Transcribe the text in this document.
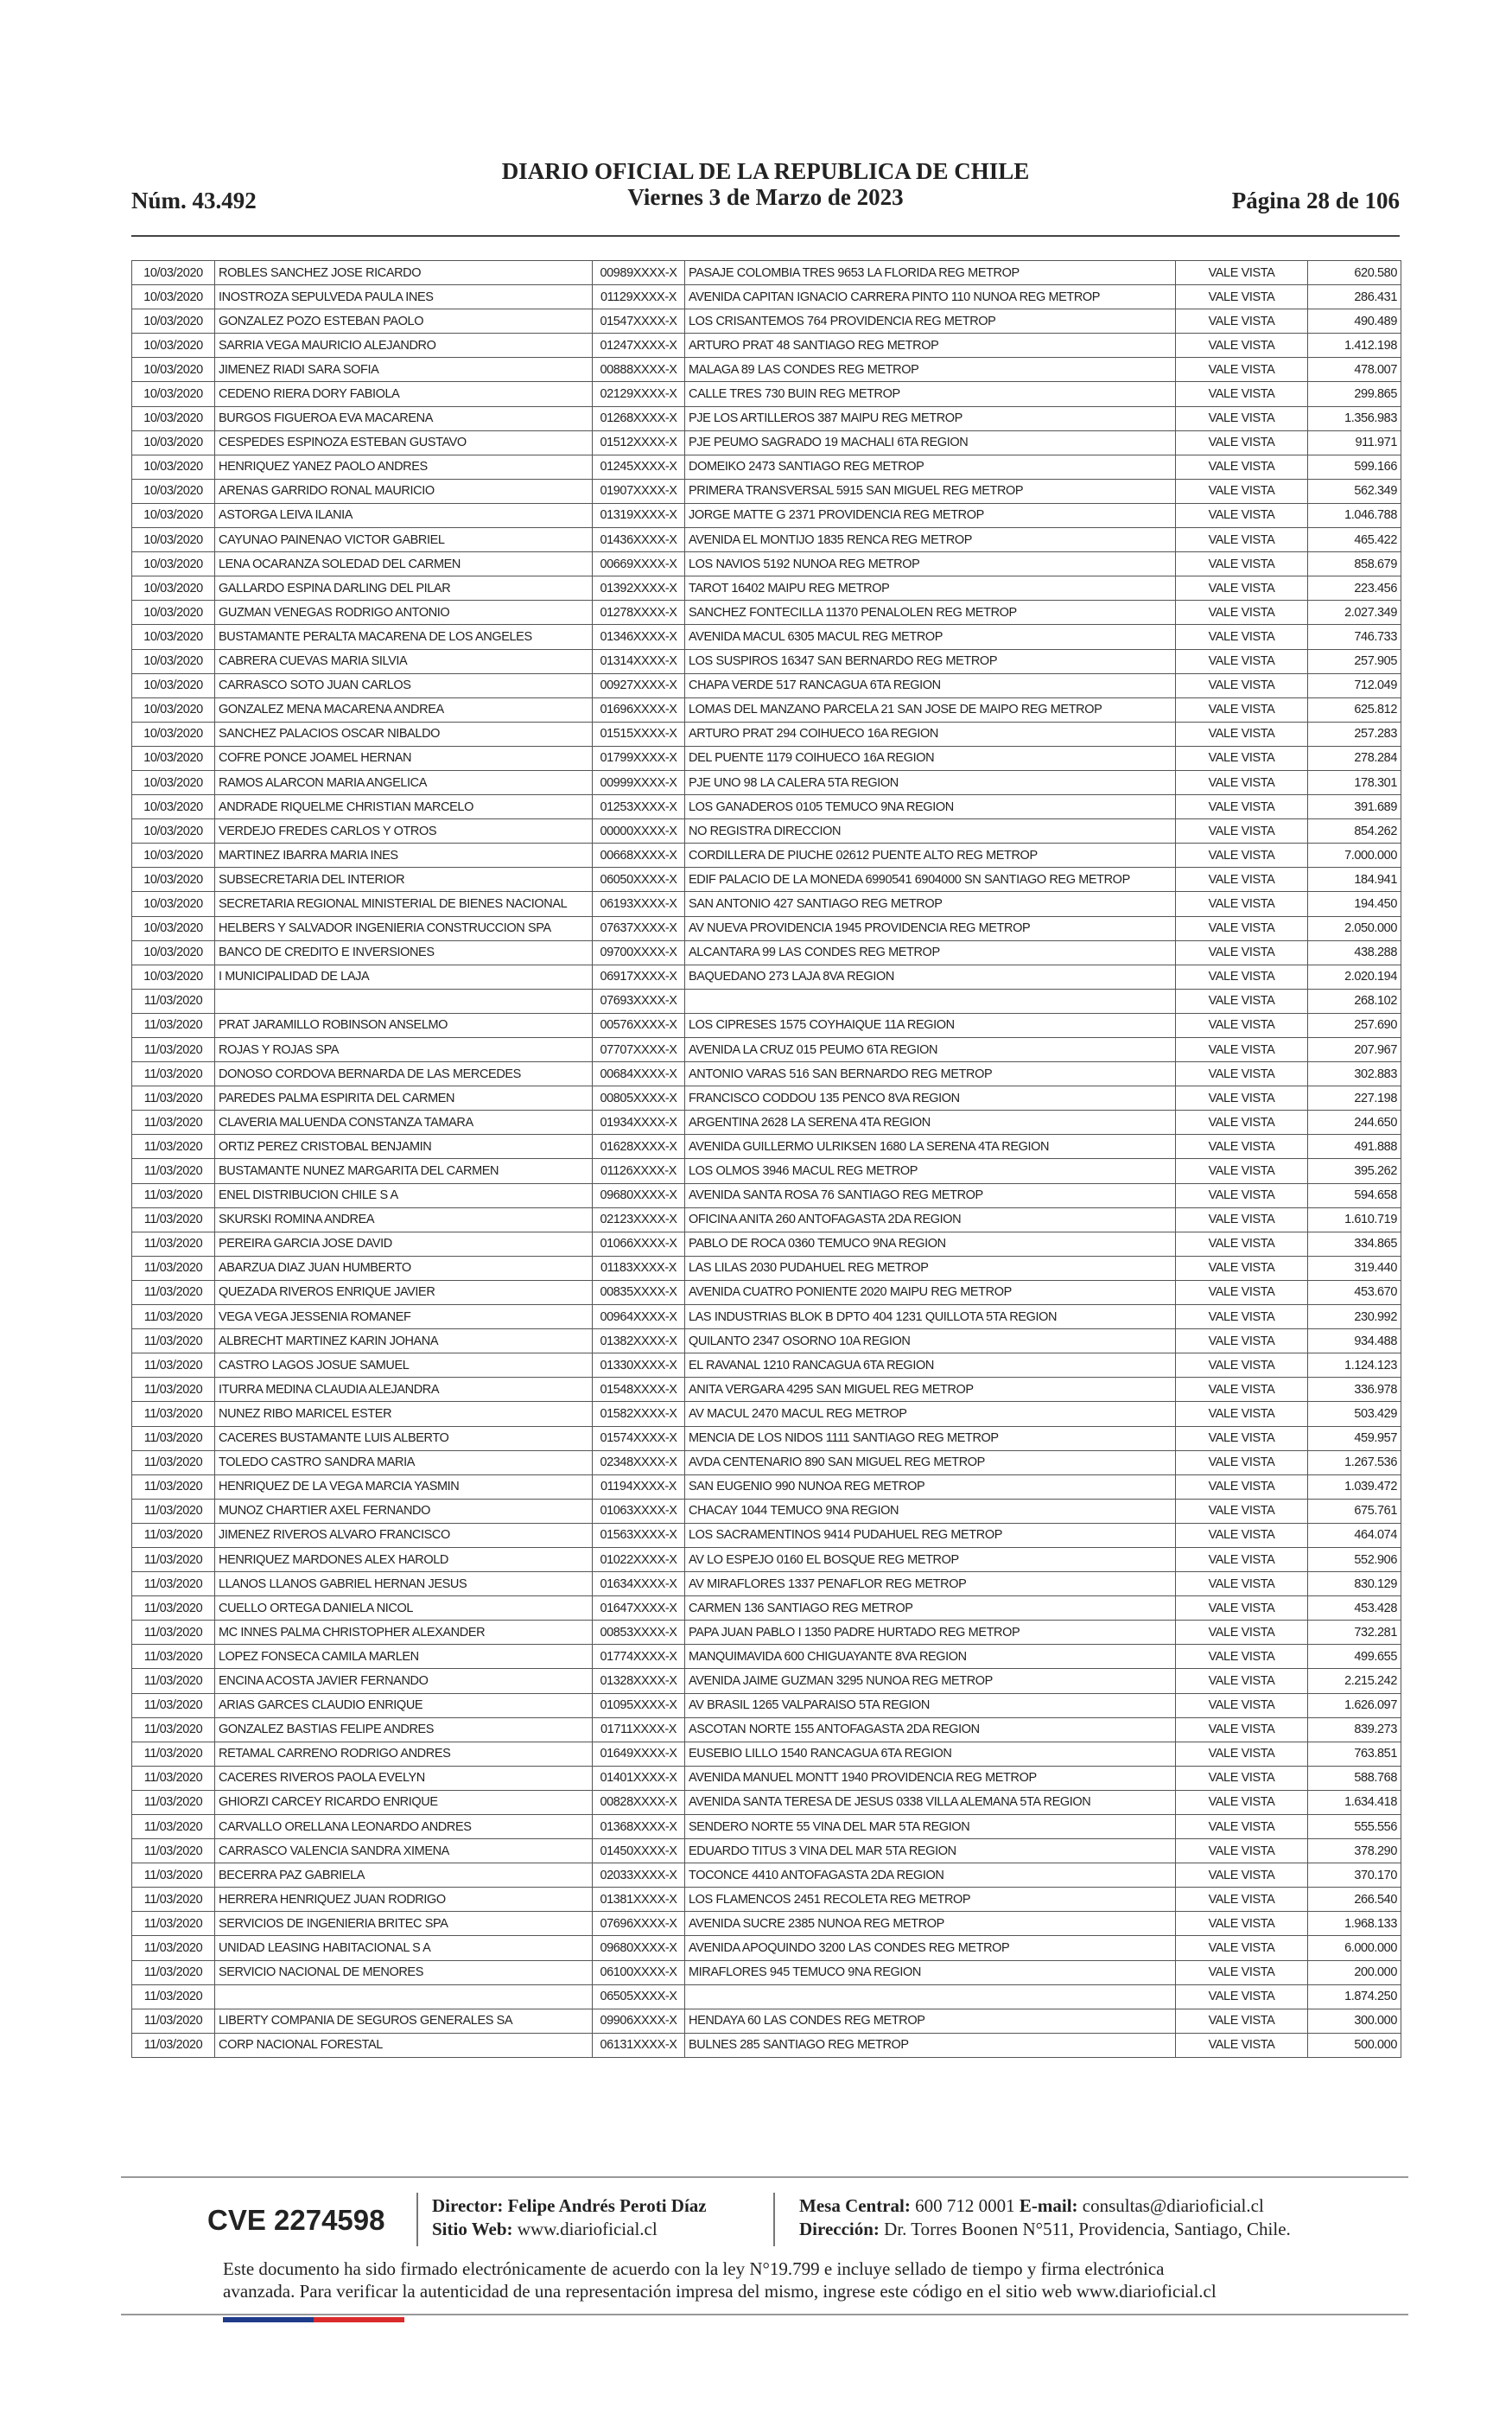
Núm. 43.492
DIARIO OFICIAL DE LA REPUBLICA DE CHILE
Viernes 3 de Marzo de 2023	Página 28 de 106
10/03/2020	ROBLES SANCHEZ JOSE RICARDO	00989XXXX-X	PASAJE COLOMBIA TRES 9653 LA FLORIDA REG METROP	VALE VISTA	620.580
10/03/2020	INOSTROZA SEPULVEDA PAULA INES	01129XXXX-X	AVENIDA CAPITAN IGNACIO CARRERA PINTO 110 NUNOA REG METROP	VALE VISTA	286.431
10/03/2020	GONZALEZ POZO ESTEBAN PAOLO	01547XXXX-X	LOS CRISANTEMOS 764 PROVIDENCIA REG METROP	VALE VISTA	490.489
10/03/2020	SARRIA VEGA MAURICIO ALEJANDRO	01247XXXX-X	ARTURO PRAT 48 SANTIAGO REG METROP	VALE VISTA	1.412.198
10/03/2020	JIMENEZ RIADI SARA SOFIA	00888XXXX-X	MALAGA 89 LAS CONDES REG METROP	VALE VISTA	478.007
10/03/2020	CEDENO RIERA DORY FABIOLA	02129XXXX-X	CALLE TRES 730 BUIN REG METROP	VALE VISTA	299.865
10/03/2020	BURGOS FIGUEROA EVA MACARENA	01268XXXX-X	PJE LOS ARTILLEROS 387 MAIPU REG METROP	VALE VISTA	1.356.983
10/03/2020	CESPEDES ESPINOZA ESTEBAN GUSTAVO	01512XXXX-X	PJE PEUMO SAGRADO 19 MACHALI 6TA REGION	VALE VISTA	911.971
10/03/2020	HENRIQUEZ YANEZ PAOLO ANDRES	01245XXXX-X	DOMEIKO 2473 SANTIAGO REG METROP	VALE VISTA	599.166
10/03/2020	ARENAS GARRIDO RONAL MAURICIO	01907XXXX-X	PRIMERA TRANSVERSAL 5915 SAN MIGUEL REG METROP	VALE VISTA	562.349
10/03/2020	ASTORGA LEIVA ILANIA	01319XXXX-X	JORGE MATTE G 2371 PROVIDENCIA REG METROP	VALE VISTA	1.046.788
10/03/2020	CAYUNAO PAINENAO VICTOR GABRIEL	01436XXXX-X	AVENIDA EL MONTIJO 1835 RENCA REG METROP	VALE VISTA	465.422
10/03/2020	LENA OCARANZA SOLEDAD DEL CARMEN	00669XXXX-X	LOS NAVIOS 5192 NUNOA REG METROP	VALE VISTA	858.679
10/03/2020	GALLARDO ESPINA DARLING DEL PILAR	01392XXXX-X	TAROT 16402 MAIPU REG METROP	VALE VISTA	223.456
10/03/2020	GUZMAN VENEGAS RODRIGO ANTONIO	01278XXXX-X	SANCHEZ FONTECILLA 11370 PENALOLEN REG METROP	VALE VISTA	2.027.349
10/03/2020	BUSTAMANTE PERALTA MACARENA DE LOS ANGELES	01346XXXX-X	AVENIDA MACUL 6305 MACUL REG METROP	VALE VISTA	746.733
10/03/2020	CABRERA CUEVAS MARIA SILVIA	01314XXXX-X	LOS SUSPIROS 16347 SAN BERNARDO REG METROP	VALE VISTA	257.905
10/03/2020	CARRASCO SOTO JUAN CARLOS	00927XXXX-X	CHAPA VERDE 517 RANCAGUA 6TA REGION	VALE VISTA	712.049
10/03/2020	GONZALEZ MENA MACARENA ANDREA	01696XXXX-X	LOMAS DEL MANZANO PARCELA 21 SAN JOSE DE MAIPO REG METROP	VALE VISTA	625.812
10/03/2020	SANCHEZ PALACIOS OSCAR NIBALDO	01515XXXX-X	ARTURO PRAT 294 COIHUECO 16A REGION	VALE VISTA	257.283
10/03/2020	COFRE PONCE JOAMEL HERNAN	01799XXXX-X	DEL PUENTE 1179 COIHUECO 16A REGION	VALE VISTA	278.284
10/03/2020	RAMOS ALARCON MARIA ANGELICA	00999XXXX-X	PJE UNO 98 LA CALERA 5TA REGION	VALE VISTA	178.301
10/03/2020	ANDRADE RIQUELME CHRISTIAN MARCELO	01253XXXX-X	LOS GANADEROS 0105 TEMUCO 9NA REGION	VALE VISTA	391.689
10/03/2020	VERDEJO FREDES CARLOS Y OTROS	00000XXXX-X	NO REGISTRA DIRECCION	VALE VISTA	854.262
10/03/2020	MARTINEZ IBARRA MARIA INES	00668XXXX-X	CORDILLERA DE PIUCHE 02612 PUENTE ALTO REG METROP	VALE VISTA	7.000.000
10/03/2020	SUBSECRETARIA DEL INTERIOR	06050XXXX-X	EDIF PALACIO DE LA MONEDA 6990541 6904000 SN SANTIAGO REG METROP	VALE VISTA	184.941
10/03/2020	SECRETARIA REGIONAL MINISTERIAL DE BIENES NACIONAL	06193XXXX-X	SAN ANTONIO 427 SANTIAGO REG METROP	VALE VISTA	194.450
10/03/2020	HELBERS Y SALVADOR INGENIERIA CONSTRUCCION SPA	07637XXXX-X	AV NUEVA PROVIDENCIA 1945 PROVIDENCIA REG METROP	VALE VISTA	2.050.000
10/03/2020	BANCO DE CREDITO E INVERSIONES	09700XXXX-X	ALCANTARA 99 LAS CONDES REG METROP	VALE VISTA	438.288
10/03/2020	I MUNICIPALIDAD DE LAJA	06917XXXX-X	BAQUEDANO 273 LAJA 8VA REGION	VALE VISTA	2.020.194
11/03/2020		07693XXXX-X		VALE VISTA	268.102
11/03/2020	PRAT JARAMILLO ROBINSON ANSELMO	00576XXXX-X	LOS CIPRESES 1575 COYHAIQUE 11A REGION	VALE VISTA	257.690
11/03/2020	ROJAS Y ROJAS SPA	07707XXXX-X	AVENIDA LA CRUZ 015 PEUMO 6TA REGION	VALE VISTA	207.967
11/03/2020	DONOSO CORDOVA BERNARDA DE LAS MERCEDES	00684XXXX-X	ANTONIO VARAS 516 SAN BERNARDO REG METROP	VALE VISTA	302.883
11/03/2020	PAREDES PALMA ESPIRITA DEL CARMEN	00805XXXX-X	FRANCISCO CODDOU 135 PENCO 8VA REGION	VALE VISTA	227.198
11/03/2020	CLAVERIA MALUENDA CONSTANZA TAMARA	01934XXXX-X	ARGENTINA 2628 LA SERENA 4TA REGION	VALE VISTA	244.650
11/03/2020	ORTIZ PEREZ CRISTOBAL BENJAMIN	01628XXXX-X	AVENIDA GUILLERMO ULRIKSEN 1680 LA SERENA 4TA REGION	VALE VISTA	491.888
11/03/2020	BUSTAMANTE NUNEZ MARGARITA DEL CARMEN	01126XXXX-X	LOS OLMOS 3946 MACUL REG METROP	VALE VISTA	395.262
11/03/2020	ENEL DISTRIBUCION CHILE S A	09680XXXX-X	AVENIDA SANTA ROSA 76 SANTIAGO REG METROP	VALE VISTA	594.658
11/03/2020	SKURSKI ROMINA ANDREA	02123XXXX-X	OFICINA ANITA 260 ANTOFAGASTA 2DA REGION	VALE VISTA	1.610.719
11/03/2020	PEREIRA GARCIA JOSE DAVID	01066XXXX-X	PABLO DE ROCA 0360 TEMUCO 9NA REGION	VALE VISTA	334.865
11/03/2020	ABARZUA DIAZ JUAN HUMBERTO	01183XXXX-X	LAS LILAS 2030 PUDAHUEL REG METROP	VALE VISTA	319.440
11/03/2020	QUEZADA RIVEROS ENRIQUE JAVIER	00835XXXX-X	AVENIDA CUATRO PONIENTE 2020 MAIPU REG METROP	VALE VISTA	453.670
11/03/2020	VEGA VEGA JESSENIA ROMANEF	00964XXXX-X	LAS INDUSTRIAS BLOK B DPTO 404 1231 QUILLOTA 5TA REGION	VALE VISTA	230.992
11/03/2020	ALBRECHT MARTINEZ KARIN JOHANA	01382XXXX-X	QUILANTO 2347 OSORNO 10A REGION	VALE VISTA	934.488
11/03/2020	CASTRO LAGOS JOSUE SAMUEL	01330XXXX-X	EL RAVANAL 1210 RANCAGUA 6TA REGION	VALE VISTA	1.124.123
11/03/2020	ITURRA MEDINA CLAUDIA ALEJANDRA	01548XXXX-X	ANITA VERGARA 4295 SAN MIGUEL REG METROP	VALE VISTA	336.978
11/03/2020	NUNEZ RIBO MARICEL ESTER	01582XXXX-X	AV MACUL 2470 MACUL REG METROP	VALE VISTA	503.429
11/03/2020	CACERES BUSTAMANTE LUIS ALBERTO	01574XXXX-X	MENCIA DE LOS NIDOS 1111 SANTIAGO REG METROP	VALE VISTA	459.957
11/03/2020	TOLEDO CASTRO SANDRA MARIA	02348XXXX-X	AVDA CENTENARIO 890 SAN MIGUEL REG METROP	VALE VISTA	1.267.536
11/03/2020	HENRIQUEZ DE LA VEGA MARCIA YASMIN	01194XXXX-X	SAN EUGENIO 990 NUNOA REG METROP	VALE VISTA	1.039.472
11/03/2020	MUNOZ CHARTIER AXEL FERNANDO	01063XXXX-X	CHACAY 1044 TEMUCO 9NA REGION	VALE VISTA	675.761
11/03/2020	JIMENEZ RIVEROS ALVARO FRANCISCO	01563XXXX-X	LOS SACRAMENTINOS 9414 PUDAHUEL REG METROP	VALE VISTA	464.074
11/03/2020	HENRIQUEZ MARDONES ALEX HAROLD	01022XXXX-X	AV LO ESPEJO 0160 EL BOSQUE REG METROP	VALE VISTA	552.906
11/03/2020	LLANOS LLANOS GABRIEL HERNAN JESUS	01634XXXX-X	AV MIRAFLORES 1337 PENAFLOR REG METROP	VALE VISTA	830.129
11/03/2020	CUELLO ORTEGA DANIELA NICOL	01647XXXX-X	CARMEN 136 SANTIAGO REG METROP	VALE VISTA	453.428
11/03/2020	MC INNES PALMA CHRISTOPHER ALEXANDER	00853XXXX-X	PAPA JUAN PABLO I 1350 PADRE HURTADO REG METROP	VALE VISTA	732.281
11/03/2020	LOPEZ FONSECA CAMILA MARLEN	01774XXXX-X	MANQUIMAVIDA 600 CHIGUAYANTE 8VA REGION	VALE VISTA	499.655
11/03/2020	ENCINA ACOSTA JAVIER FERNANDO	01328XXXX-X	AVENIDA JAIME GUZMAN 3295 NUNOA REG METROP	VALE VISTA	2.215.242
11/03/2020	ARIAS GARCES CLAUDIO ENRIQUE	01095XXXX-X	AV BRASIL 1265 VALPARAISO 5TA REGION	VALE VISTA	1.626.097
11/03/2020	GONZALEZ BASTIAS FELIPE ANDRES	01711XXXX-X	ASCOTAN NORTE 155 ANTOFAGASTA 2DA REGION	VALE VISTA	839.273
11/03/2020	RETAMAL CARRENO RODRIGO ANDRES	01649XXXX-X	EUSEBIO LILLO 1540 RANCAGUA 6TA REGION	VALE VISTA	763.851
11/03/2020	CACERES RIVEROS PAOLA EVELYN	01401XXXX-X	AVENIDA MANUEL MONTT 1940 PROVIDENCIA REG METROP	VALE VISTA	588.768
11/03/2020	GHIORZI CARCEY RICARDO ENRIQUE	00828XXXX-X	AVENIDA SANTA TERESA DE JESUS 0338 VILLA ALEMANA 5TA REGION	VALE VISTA	1.634.418
11/03/2020	CARVALLO ORELLANA LEONARDO ANDRES	01368XXXX-X	SENDERO NORTE 55 VINA DEL MAR 5TA REGION	VALE VISTA	555.556
11/03/2020	CARRASCO VALENCIA SANDRA XIMENA	01450XXXX-X	EDUARDO TITUS 3 VINA DEL MAR 5TA REGION	VALE VISTA	378.290
11/03/2020	BECERRA PAZ GABRIELA	02033XXXX-X	TOCONCE 4410 ANTOFAGASTA 2DA REGION	VALE VISTA	370.170
11/03/2020	HERRERA HENRIQUEZ JUAN RODRIGO	01381XXXX-X	LOS FLAMENCOS 2451 RECOLETA REG METROP	VALE VISTA	266.540
11/03/2020	SERVICIOS DE INGENIERIA BRITEC SPA	07696XXXX-X	AVENIDA SUCRE 2385 NUNOA REG METROP	VALE VISTA	1.968.133
11/03/2020	UNIDAD LEASING HABITACIONAL S A	09680XXXX-X	AVENIDA APOQUINDO 3200 LAS CONDES REG METROP	VALE VISTA	6.000.000
11/03/2020	SERVICIO NACIONAL DE MENORES	06100XXXX-X	MIRAFLORES 945 TEMUCO 9NA REGION	VALE VISTA	200.000
11/03/2020		06505XXXX-X		VALE VISTA	1.874.250
11/03/2020	LIBERTY COMPANIA DE SEGUROS GENERALES SA	09906XXXX-X	HENDAYA 60 LAS CONDES REG METROP	VALE VISTA	300.000
11/03/2020	CORP NACIONAL FORESTAL	06131XXXX-X	BULNES 285 SANTIAGO REG METROP	VALE VISTA	500.000
CVE 2274598	Director: Felipe Andrés Peroti Díaz
Sitio Web: www.diarioficial.cl
Mesa Central: 600 712 0001 E-mail: consultas@diarioficial.cl
Dirección: Dr. Torres Boonen N°511, Providencia, Santiago, Chile.
Este documento ha sido firmado electrónicamente de acuerdo con la ley N°19.799 e incluye sellado de tiempo y firma electrónica
avanzada. Para verificar la autenticidad de una representación impresa del mismo, ingrese este código en el sitio web www.diarioficial.cl
